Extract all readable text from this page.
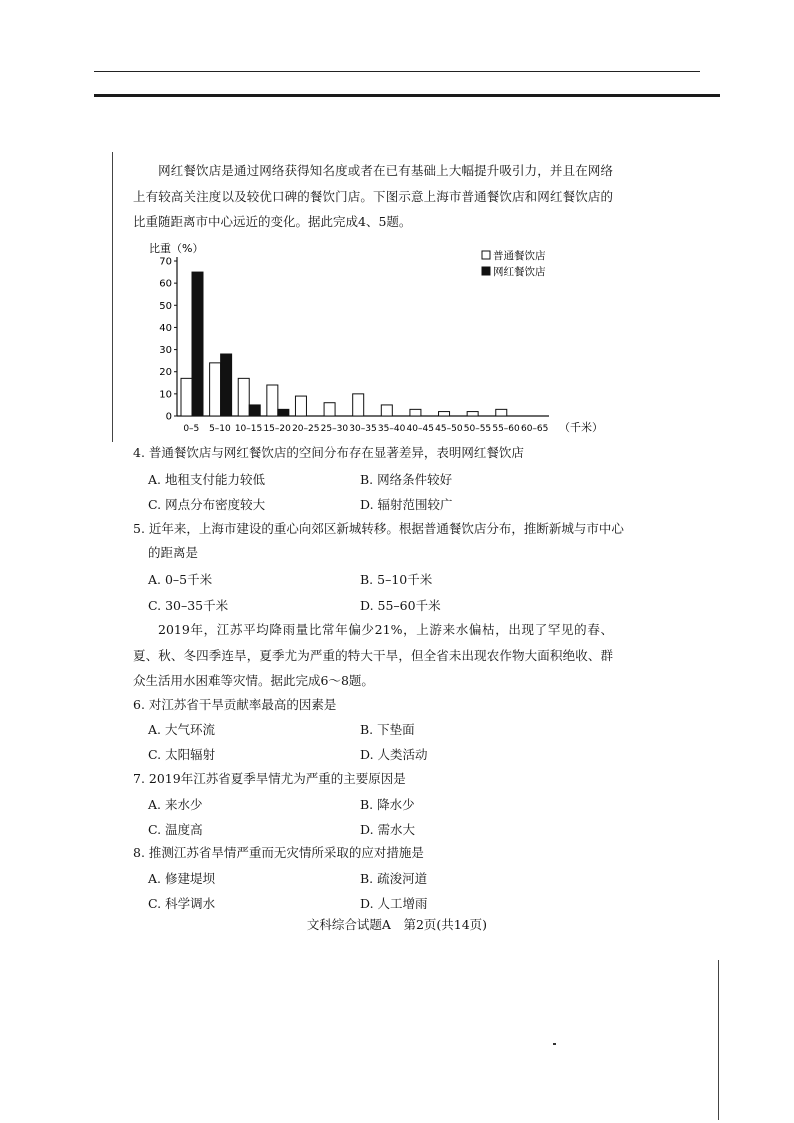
网红餐饮店是通过网络获得知名度或者在已有基础上大幅提升吸引力，并且在网络上有较高关注度以及较优口碑的餐饮门店。下图示意上海市普通餐饮店和网红餐饮店的比重随距离市中心远近的变化。据此完成4、5题。
比重（%）
0
10
20
30
40
50
60
70
0–5 5–10 10–15 15–20 20–25 25–30 30–35 35–40 40–45 45–50 50–55 55–60 60–65 （千米）
普通餐饮店
网红餐饮店
4. 普通餐饮店与网红餐饮店的空间分布存在显著差异，表明网红餐饮店
A. 地租支付能力较低	B. 网络条件较好
C. 网点分布密度较大	D. 辐射范围较广
5. 近年来，上海市建设的重心向郊区新城转移。根据普通餐饮店分布，推断新城与市中心
的距离是
A. 0–5千米	B. 5–10千米
C. 30–35千米	D. 55–60千米
2019年，江苏平均降雨量比常年偏少21%，上游来水偏枯，出现了罕见的春、夏、秋、冬四季连旱，夏季尤为严重的特大干旱，但全省未出现农作物大面积绝收、群众生活用水困难等灾情。据此完成6～8题。
6. 对江苏省干旱贡献率最高的因素是
A. 大气环流	B. 下垫面
C. 太阳辐射	D. 人类活动
7. 2019年江苏省夏季旱情尤为严重的主要原因是
A. 来水少	B. 降水少
C. 温度高	D. 需水大
8. 推测江苏省旱情严重而无灾情所采取的应对措施是
A. 修建堤坝	B. 疏浚河道
C. 科学调水	D. 人工增雨
文科综合试题A　第2页(共14页)
